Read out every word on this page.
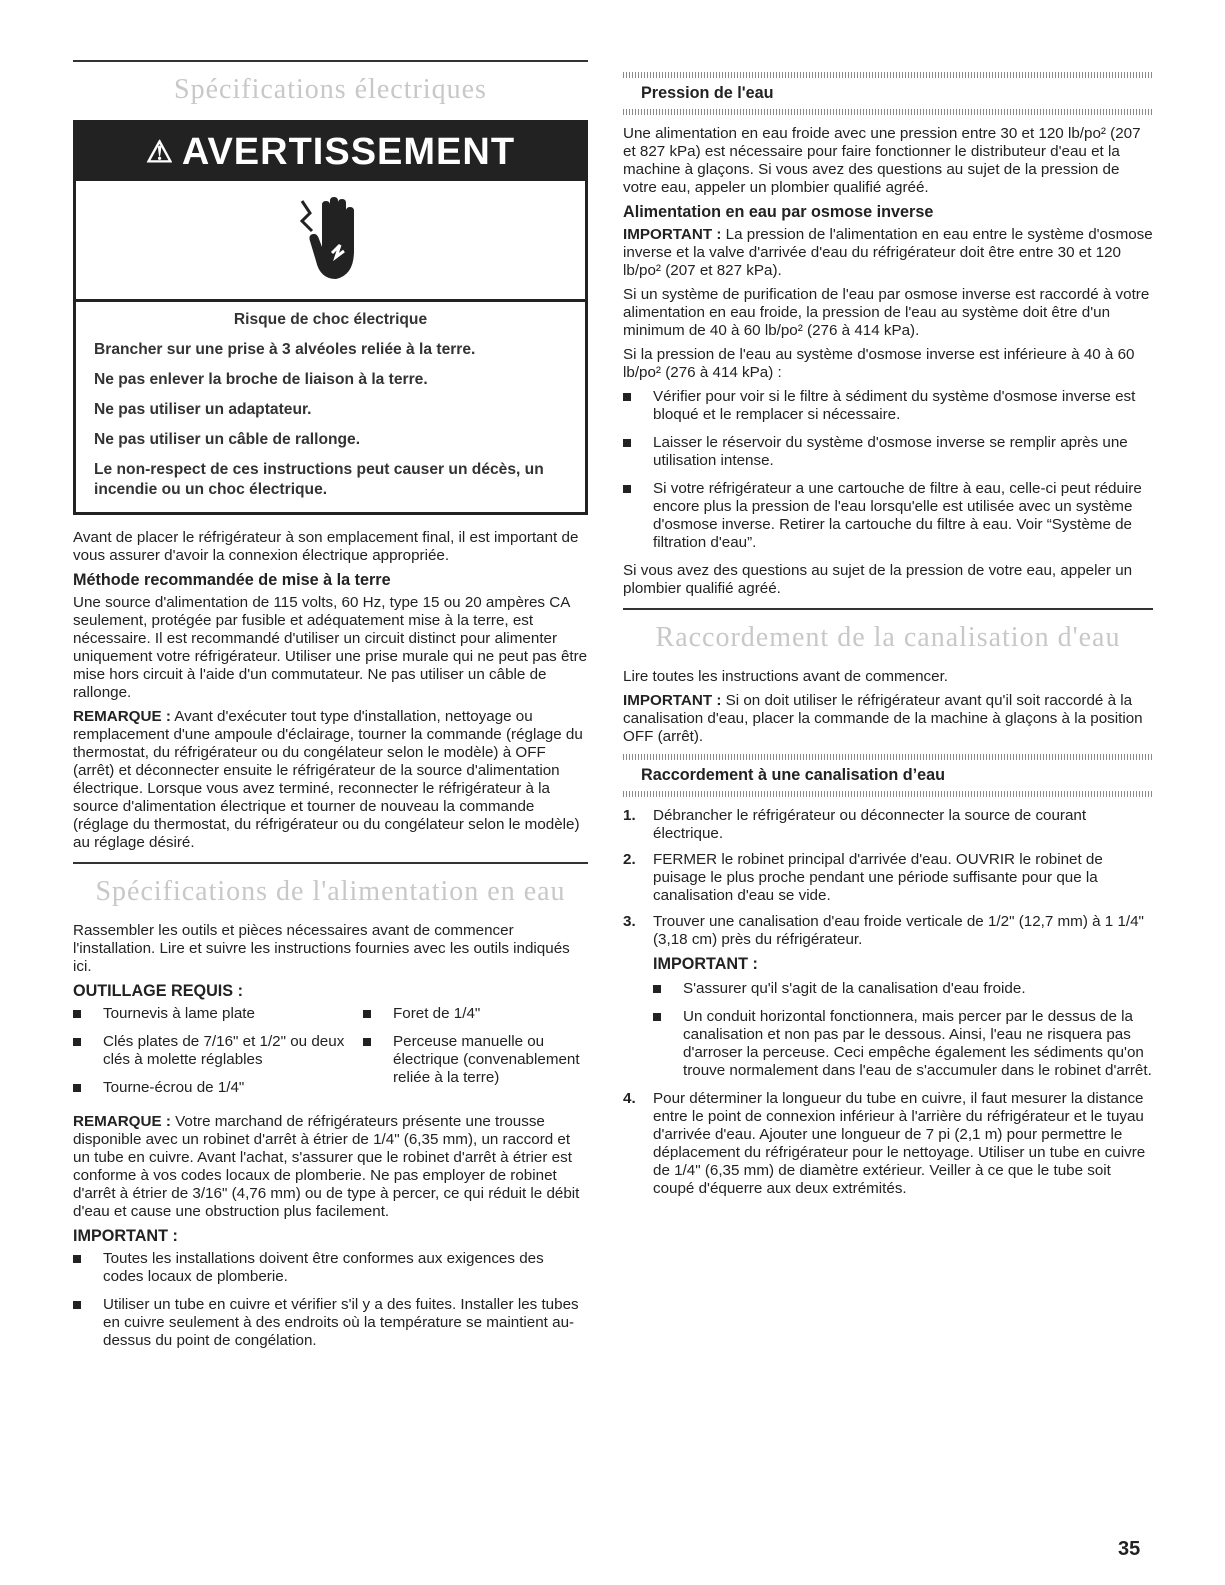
Spécifications électriques
⚠ AVERTISSEMENT
Risque de choc électrique
Brancher sur une prise à 3 alvéoles reliée à la terre.
Ne pas enlever la broche de liaison à la terre.
Ne pas utiliser un adaptateur.
Ne pas utiliser un câble de rallonge.
Le non-respect de ces instructions peut causer un décès, un incendie ou un choc électrique.

Avant de placer le réfrigérateur à son emplacement final, il est important de vous assurer d'avoir la connexion électrique appropriée.

Méthode recommandée de mise à la terre

Une source d'alimentation de 115 volts, 60 Hz, type 15 ou 20 ampères CA seulement, protégée par fusible et adéquatement mise à la terre, est nécessaire. Il est recommandé d'utiliser un circuit distinct pour alimenter uniquement votre réfrigérateur. Utiliser une prise murale qui ne peut pas être mise hors circuit à l'aide d'un commutateur. Ne pas utiliser un câble de rallonge.

REMARQUE : Avant d'exécuter tout type d'installation, nettoyage ou remplacement d'une ampoule d'éclairage, tourner la commande (réglage du thermostat, du réfrigérateur ou du congélateur selon le modèle) à OFF (arrêt) et déconnecter ensuite le réfrigérateur de la source d'alimentation électrique. Lorsque vous avez terminé, reconnecter le réfrigérateur à la source d'alimentation électrique et tourner de nouveau la commande (réglage du thermostat, du réfrigérateur ou du congélateur selon le modèle) au réglage désiré.

Spécifications de l'alimentation en eau

Rassembler les outils et pièces nécessaires avant de commencer l'installation. Lire et suivre les instructions fournies avec les outils indiqués ici.

OUTILLAGE REQUIS :
Tournevis à lame plate
Clés plates de 7/16" et 1/2" ou deux clés à molette réglables
Tourne-écrou de 1/4"
Foret de 1/4"
Perceuse manuelle ou électrique (convenablement reliée à la terre)

REMARQUE : Votre marchand de réfrigérateurs présente une trousse disponible avec un robinet d'arrêt à étrier de 1/4" (6,35 mm), un raccord et un tube en cuivre. Avant l'achat, s'assurer que le robinet d'arrêt à étrier est conforme à vos codes locaux de plomberie. Ne pas employer de robinet d'arrêt à étrier de 3/16" (4,76 mm) ou de type à percer, ce qui réduit le débit d'eau et cause une obstruction plus facilement.

IMPORTANT :
Toutes les installations doivent être conformes aux exigences des codes locaux de plomberie.
Utiliser un tube en cuivre et vérifier s'il y a des fuites. Installer les tubes en cuivre seulement à des endroits où la température se maintient au-dessus du point de congélation.
Pression de l'eau

Une alimentation en eau froide avec une pression entre 30 et 120 lb/po² (207 et 827 kPa) est nécessaire pour faire fonctionner le distributeur d'eau et la machine à glaçons. Si vous avez des questions au sujet de la pression de votre eau, appeler un plombier qualifié agréé.

Alimentation en eau par osmose inverse

IMPORTANT : La pression de l'alimentation en eau entre le système d'osmose inverse et la valve d'arrivée d'eau du réfrigérateur doit être entre 30 et 120 lb/po² (207 et 827 kPa).

Si un système de purification de l'eau par osmose inverse est raccordé à votre alimentation en eau froide, la pression de l'eau au système doit être d'un minimum de 40 à 60 lb/po² (276 à 414 kPa).

Si la pression de l'eau au système d'osmose inverse est inférieure à 40 à 60 lb/po² (276 à 414 kPa) :

Vérifier pour voir si le filtre à sédiment du système d'osmose inverse est bloqué et le remplacer si nécessaire.
Laisser le réservoir du système d'osmose inverse se remplir après une utilisation intense.
Si votre réfrigérateur a une cartouche de filtre à eau, celle-ci peut réduire encore plus la pression de l'eau lorsqu'elle est utilisée avec un système d'osmose inverse. Retirer la cartouche du filtre à eau. Voir “Système de filtration d'eau”.

Si vous avez des questions au sujet de la pression de votre eau, appeler un plombier qualifié agréé.

Raccordement de la canalisation d'eau

Lire toutes les instructions avant de commencer.

IMPORTANT : Si on doit utiliser le réfrigérateur avant qu'il soit raccordé à la canalisation d'eau, placer la commande de la machine à glaçons à la position OFF (arrêt).

Raccordement à une canalisation d’eau
1. Débrancher le réfrigérateur ou déconnecter la source de courant électrique.
2. FERMER le robinet principal d'arrivée d'eau. OUVRIR le robinet de puisage le plus proche pendant une période suffisante pour que la canalisation d'eau se vide.
3. Trouver une canalisation d'eau froide verticale de 1/2" (12,7 mm) à 1 1/4" (3,18 cm) près du réfrigérateur.
IMPORTANT :
S'assurer qu'il s'agit de la canalisation d'eau froide.
Un conduit horizontal fonctionnera, mais percer par le dessus de la canalisation et non pas par le dessous. Ainsi, l'eau ne risquera pas d'arroser la perceuse. Ceci empêche également les sédiments qu'on trouve normalement dans l'eau de s'accumuler dans le robinet d'arrêt.
4. Pour déterminer la longueur du tube en cuivre, il faut mesurer la distance entre le point de connexion inférieur à l'arrière du réfrigérateur et le tuyau d'arrivée d'eau. Ajouter une longueur de 7 pi (2,1 m) pour permettre le déplacement du réfrigérateur pour le nettoyage. Utiliser un tube en cuivre de 1/4" (6,35 mm) de diamètre extérieur. Veiller à ce que le tube soit coupé d'équerre aux deux extrémités.
35
